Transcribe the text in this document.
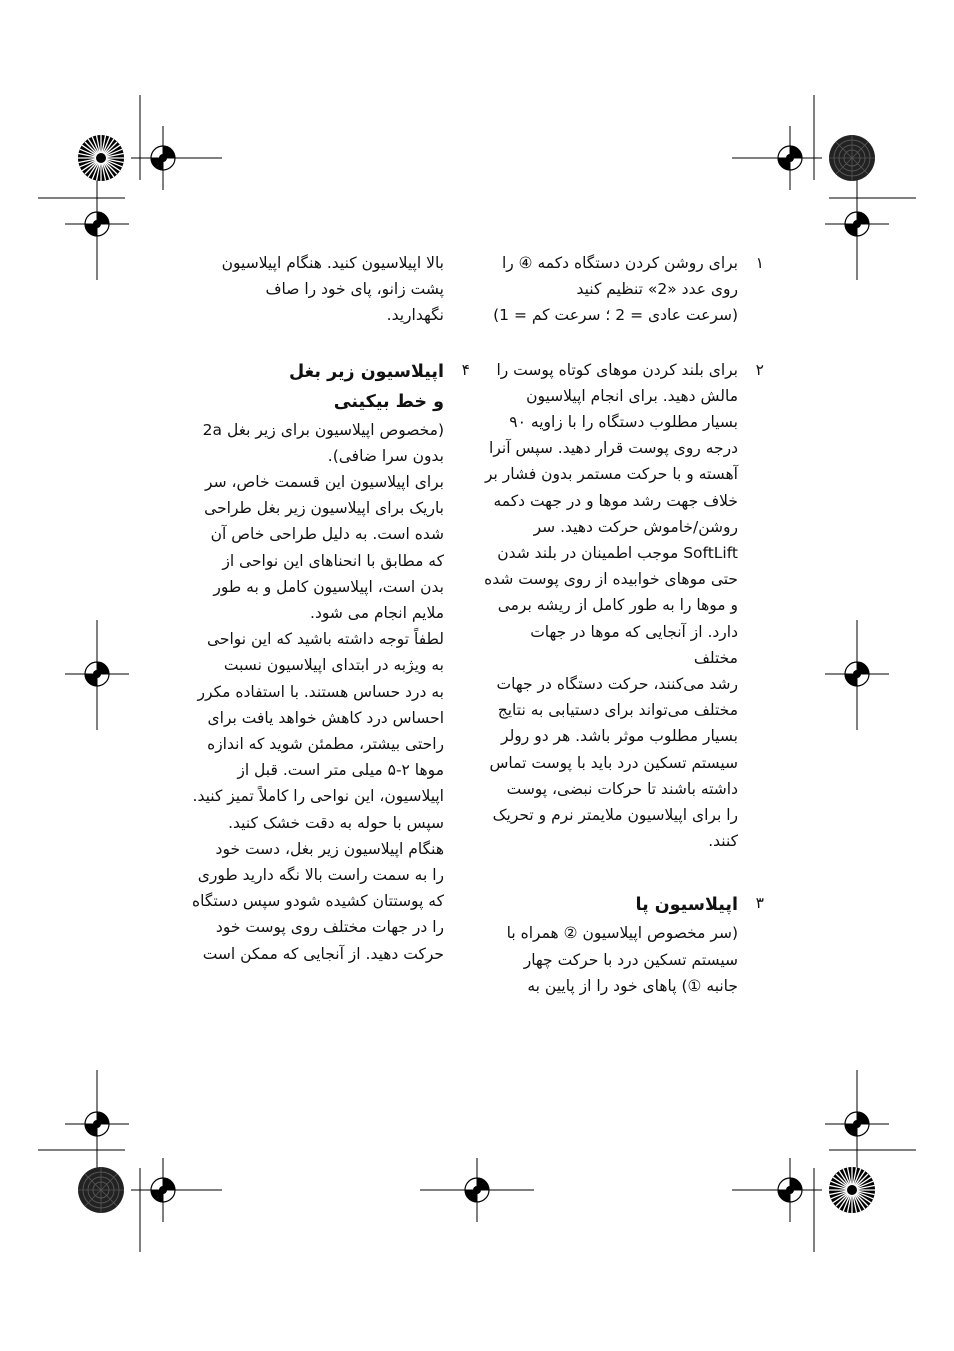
۱
برای روشن کردن دستگاه دکمه ④ را
روی عدد «2» تنظیم کنید
(سرعت عادی = 2 ؛ سرعت کم = 1)
۲
برای بلند کردن موهای کوتاه پوست را
مالش دهید. برای انجام اپیلاسیون
بسیار مطلوب دستگاه را با زاویه ۹۰
درجه روی پوست قرار دهید. سپس آنرا
آهسته و با حرکت مستمر بدون فشار بر
خلاف جهت رشد موها و در جهت دکمه
روشن/خاموش حرکت دهید. سر
SoftLift موجب اطمینان در بلند شدن
حتی موهای خوابیده از روی پوست شده
و موها را به طور کامل از ریشه برمی
دارد. از آنجایی که موها در جهات مختلف
رشد می‌کنند، حرکت دستگاه در جهات
مختلف می‌تواند برای دستیابی به نتایج
بسیار مطلوب موثر باشد. هر دو رولر
سیستم تسکین درد باید با پوست تماس
داشته باشند تا حرکات نبضی، پوست
را برای اپیلاسیون ملایمتر نرم و تحریک
کنند.
۳
اپیلاسیون پا
(سر مخصوص اپیلاسیون ② همراه با
سیستم تسکین درد با حرکت چهار
جانبه ①) پاهای خود را از پایین به
بالا اپیلاسیون کنید. هنگام اپیلاسیون
پشت زانو، پای خود را صاف
نگهدارید.
۴
اپیلاسیون زیر بغل
و خط بیکینی
(مخصوص اپیلاسیون برای زیر بغل 2a
بدون سرا ضافی).
برای اپیلاسیون این قسمت خاص، سر
باریک برای اپیلاسیون زیر بغل طراحی
شده است. به دلیل طراحی خاص آن
که مطابق با انحناهای این نواحی از
بدن است، اپیلاسیون کامل و به طور
ملایم انجام می شود.
لطفاً توجه داشته باشید که این نواحی
به ویژبه در ابتدای اپیلاسیون نسبت
به درد حساس هستند. با استفاده مکرر
احساس درد کاهش خواهد یافت برای
راحتی بیشتر، مطمئن شوید که اندازه
موها ۲-۵ میلی متر است. قبل از
اپیلاسیون، این نواحی را کاملاً تمیز کنید.
سپس با حوله به دقت خشک کنید.
هنگام اپیلاسیون زیر بغل، دست خود
را به سمت راست بالا نگه دارید طوری
که پوستتان کشیده شودو سپس دستگاه
را در جهات مختلف روی پوست خود
حرکت دهید. از آنجایی که ممکن است
